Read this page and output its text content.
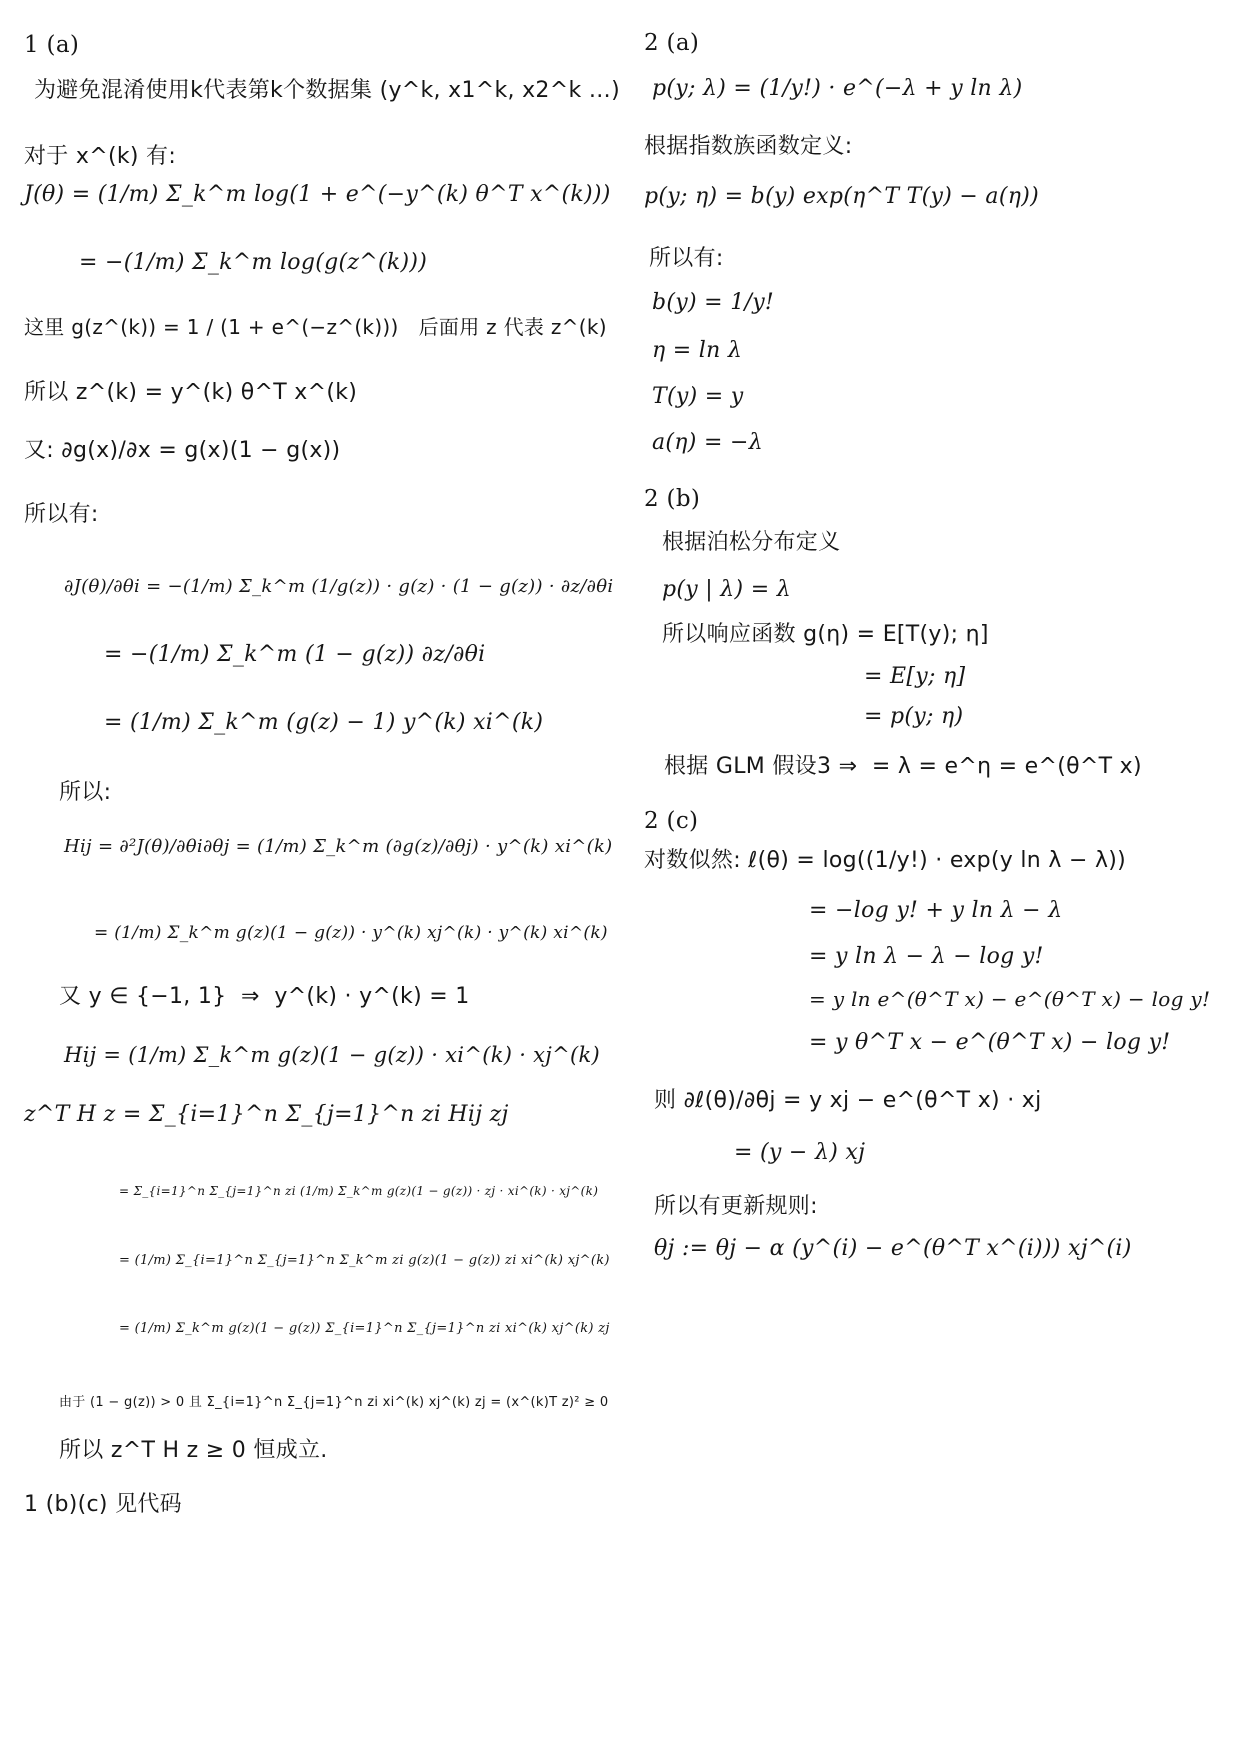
1 (a)
为避免混淆使用k代表第k个数据集 (y^k, x1^k, x2^k …)
对于 x^(k) 有:
J(θ) = (1/m) Σ_k^m log(1 + e^(−y^(k) θ^T x^(k)))
= −(1/m) Σ_k^m log(g(z^(k)))
这里 g(z^(k)) = 1 / (1 + e^(−z^(k)))   后面用 z 代表 z^(k)
所以 z^(k) = y^(k) θ^T x^(k)
又: ∂g(x)/∂x = g(x)(1 − g(x))
所以有:
∂J(θ)/∂θi = −(1/m) Σ_k^m (1/g(z)) · g(z) · (1 − g(z)) · ∂z/∂θi
= −(1/m) Σ_k^m (1 − g(z)) ∂z/∂θi
= (1/m) Σ_k^m (g(z) − 1) y^(k) xi^(k)
所以:
Hij = ∂²J(θ)/∂θi∂θj = (1/m) Σ_k^m (∂g(z)/∂θj) · y^(k) xi^(k)
= (1/m) Σ_k^m g(z)(1 − g(z)) · y^(k) xj^(k) · y^(k) xi^(k)
又 y ∈ {−1, 1}  ⇒  y^(k) · y^(k) = 1
Hij = (1/m) Σ_k^m g(z)(1 − g(z)) · xi^(k) · xj^(k)
z^T H z = Σ_{i=1}^n Σ_{j=1}^n zi Hij zj
= Σ_{i=1}^n Σ_{j=1}^n zi (1/m) Σ_k^m g(z)(1 − g(z)) · zj · xi^(k) · xj^(k)
= (1/m) Σ_{i=1}^n Σ_{j=1}^n Σ_k^m zi g(z)(1 − g(z)) zi xi^(k) xj^(k)
= (1/m) Σ_k^m g(z)(1 − g(z)) Σ_{i=1}^n Σ_{j=1}^n zi xi^(k) xj^(k) zj
由于 (1 − g(z)) > 0 且 Σ_{i=1}^n Σ_{j=1}^n zi xi^(k) xj^(k) zj = (x^(k)T z)² ≥ 0
所以 z^T H z ≥ 0 恒成立.
1 (b)(c) 见代码
2 (a)
p(y; λ) = (1/y!) · e^(−λ + y ln λ)
根据指数族函数定义:
p(y; η) = b(y) exp(η^T T(y) − a(η))
所以有:
b(y) = 1/y!
η = ln λ
T(y) = y
a(η) = −λ
2 (b)
根据泊松分布定义
p(y | λ) = λ
所以响应函数 g(η) = E[T(y); η]
= E[y; η]
= p(y; η)
根据 GLM 假设3 ⇒  = λ = e^η = e^(θ^T x)
2 (c)
对数似然: ℓ(θ) = log((1/y!) · exp(y ln λ − λ))
= −log y! + y ln λ − λ
= y ln λ − λ − log y!
= y ln e^(θ^T x) − e^(θ^T x) − log y!
= y θ^T x − e^(θ^T x) − log y!
则 ∂ℓ(θ)/∂θj = y xj − e^(θ^T x) · xj
= (y − λ) xj
所以有更新规则:
θj := θj − α (y^(i) − e^(θ^T x^(i))) xj^(i)
